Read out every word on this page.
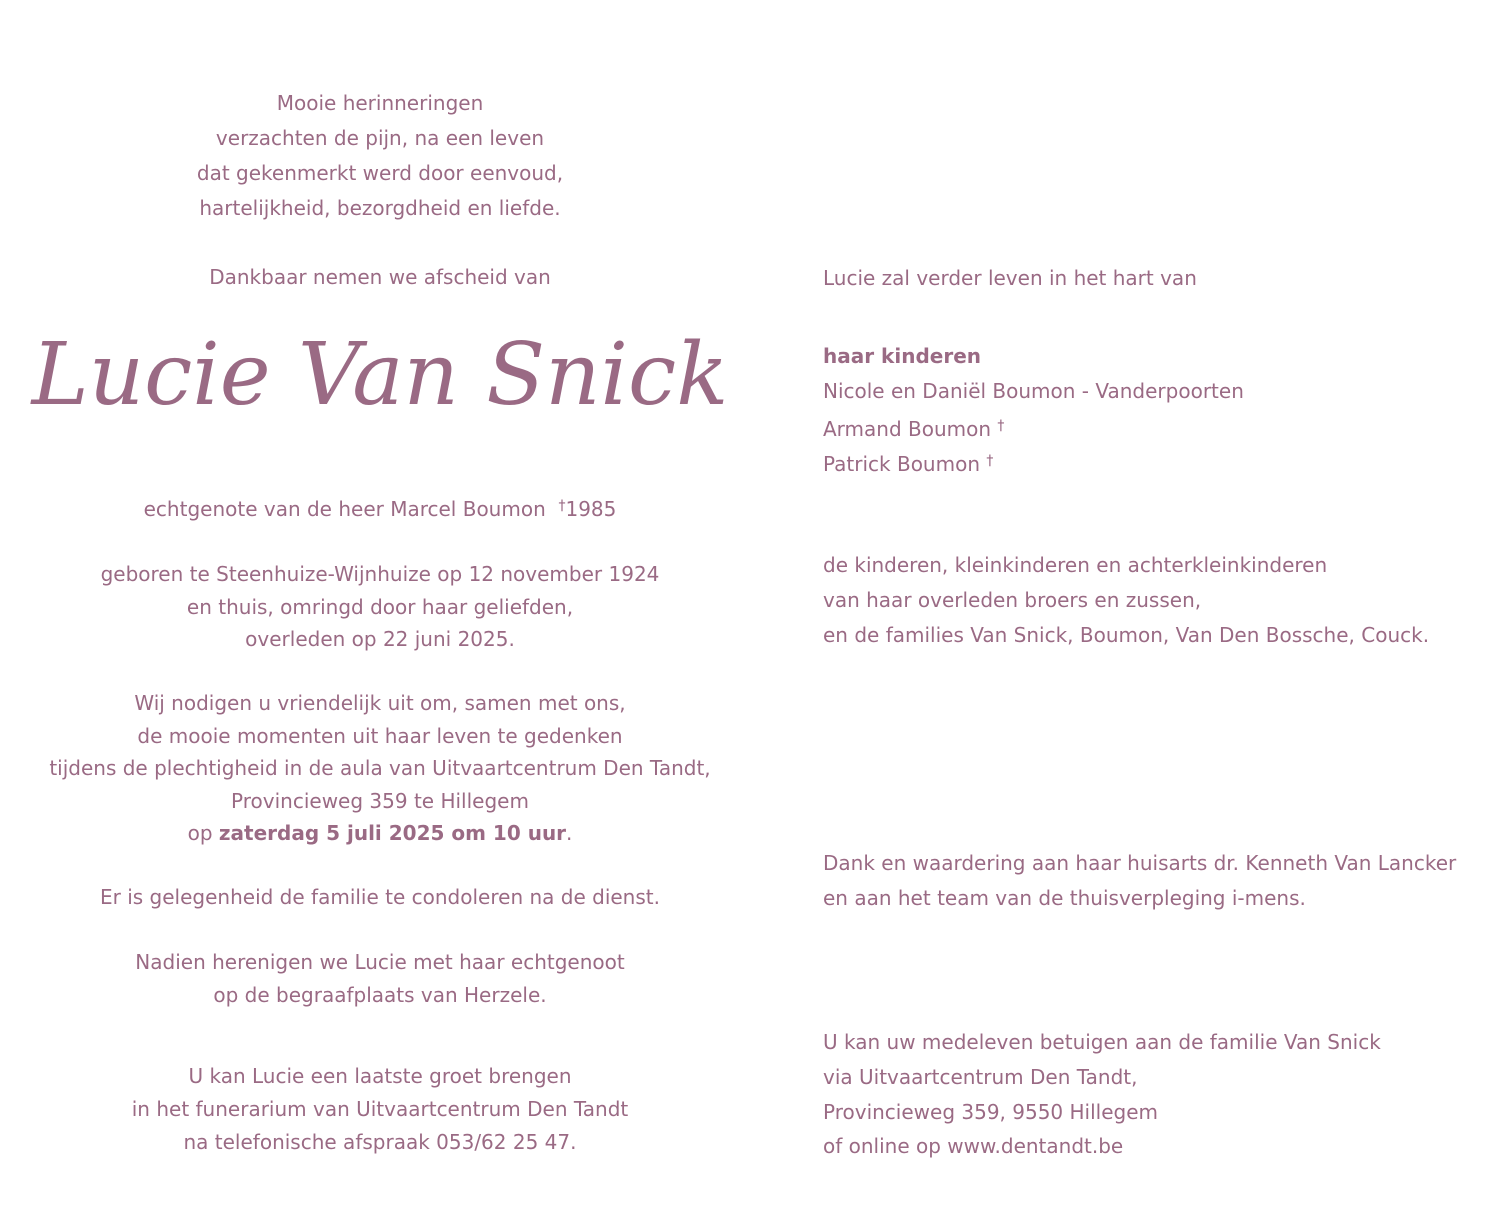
Mooie herinneringen
verzachten de pijn, na een leven
dat gekenmerkt werd door eenvoud,
hartelijkheid, bezorgdheid en liefde.
Dankbaar nemen we afscheid van
Lucie Van Snick
echtgenote van de heer Marcel Boumon †1985
geboren te Steenhuize-Wijnhuize op 12 november 1924
en thuis, omringd door haar geliefden,
overleden op 22 juni 2025.
Wij nodigen u vriendelijk uit om, samen met ons,
de mooie momenten uit haar leven te gedenken
tijdens de plechtigheid in de aula van Uitvaartcentrum Den Tandt,
Provincieweg 359 te Hillegem
op zaterdag 5 juli 2025 om 10 uur.
Er is gelegenheid de familie te condoleren na de dienst.
Nadien herenigen we Lucie met haar echtgenoot
op de begraafplaats van Herzele.
U kan Lucie een laatste groet brengen
in het funerarium van Uitvaartcentrum Den Tandt
na telefonische afspraak 053/62 25 47.
Lucie zal verder leven in het hart van
haar kinderen
Nicole en Daniël Boumon - Vanderpoorten
Armand Boumon †
Patrick Boumon †
de kinderen, kleinkinderen en achterkleinkinderen
van haar overleden broers en zussen,
en de families Van Snick, Boumon, Van Den Bossche, Couck.
Dank en waardering aan haar huisarts dr. Kenneth Van Lancker
en aan het team van de thuisverpleging i-mens.
U kan uw medeleven betuigen aan de familie Van Snick
via Uitvaartcentrum Den Tandt,
Provincieweg 359, 9550 Hillegem
of online op www.dentandt.be
